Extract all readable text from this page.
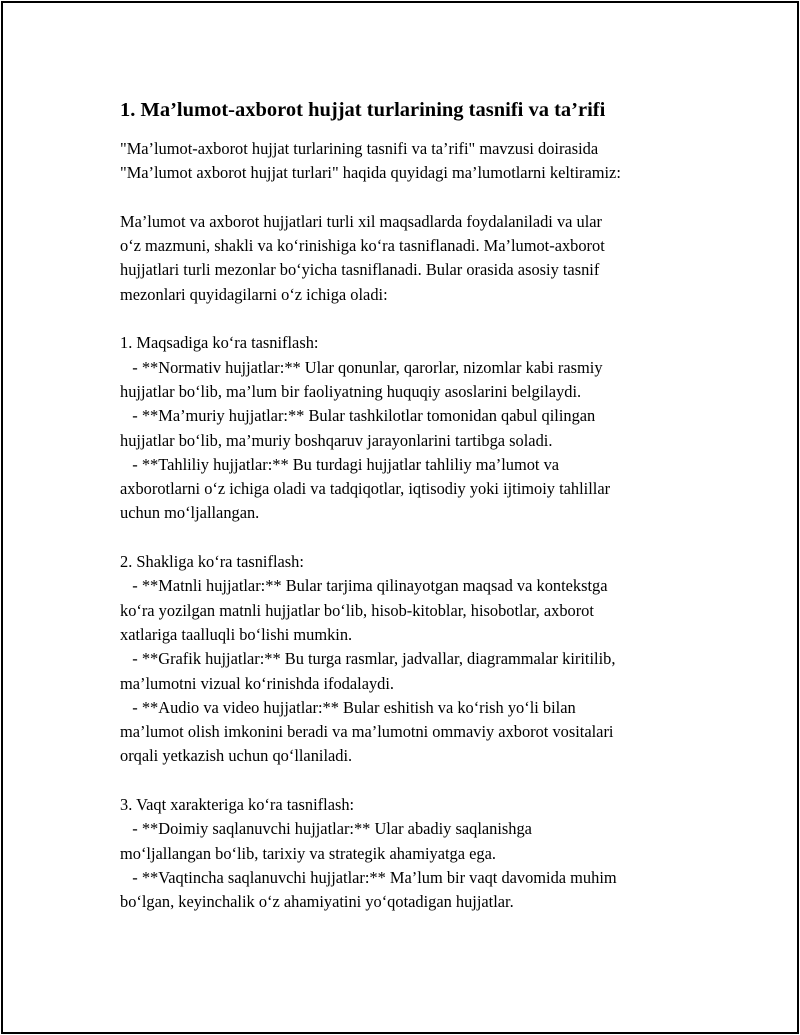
1. Ma’lumot-axborot hujjat turlarining tasnifi va ta’rifi

"Ma’lumot-axborot hujjat turlarining tasnifi va ta’rifi" mavzusi doirasida

"Ma’lumot axborot hujjat turlari" haqida quyidagi ma’lumotlarni keltiramiz:

Ma’lumot va axborot hujjatlari turli xil maqsadlarda foydalaniladi va ular

o‘z mazmuni, shakli va ko‘rinishiga ko‘ra tasniflanadi. Ma’lumot-axborot

hujjatlari turli mezonlar bo‘yicha tasniflanadi. Bular orasida asosiy tasnif

mezonlari quyidagilarni o‘z ichiga oladi:

1. Maqsadiga ko‘ra tasniflash:

- **Normativ hujjatlar:** Ular qonunlar, qarorlar, nizomlar kabi rasmiy

hujjatlar bo‘lib, ma’lum bir faoliyatning huquqiy asoslarini belgilaydi.

- **Ma’muriy hujjatlar:** Bular tashkilotlar tomonidan qabul qilingan

hujjatlar bo‘lib, ma’muriy boshqaruv jarayonlarini tartibga soladi.

- **Tahliliy hujjatlar:** Bu turdagi hujjatlar tahliliy ma’lumot va

axborotlarni o‘z ichiga oladi va tadqiqotlar, iqtisodiy yoki ijtimoiy tahlillar

uchun mo‘ljallangan.

2. Shakliga ko‘ra tasniflash:

- **Matnli hujjatlar:** Bular tarjima qilinayotgan maqsad va kontekstga

ko‘ra yozilgan matnli hujjatlar bo‘lib, hisob-kitoblar, hisobotlar, axborot

xatlariga taalluqli bo‘lishi mumkin.

- **Grafik hujjatlar:** Bu turga rasmlar, jadvallar, diagrammalar kiritilib,

ma’lumotni vizual ko‘rinishda ifodalaydi.

- **Audio va video hujjatlar:** Bular eshitish va ko‘rish yo‘li bilan

ma’lumot olish imkonini beradi va ma’lumotni ommaviy axborot vositalari

orqali yetkazish uchun qo‘llaniladi.

3. Vaqt xarakteriga ko‘ra tasniflash:

- **Doimiy saqlanuvchi hujjatlar:** Ular abadiy saqlanishga

mo‘ljallangan bo‘lib, tarixiy va strategik ahamiyatga ega.

- **Vaqtincha saqlanuvchi hujjatlar:** Ma’lum bir vaqt davomida muhim

bo‘lgan, keyinchalik o‘z ahamiyatini yo‘qotadigan hujjatlar.
